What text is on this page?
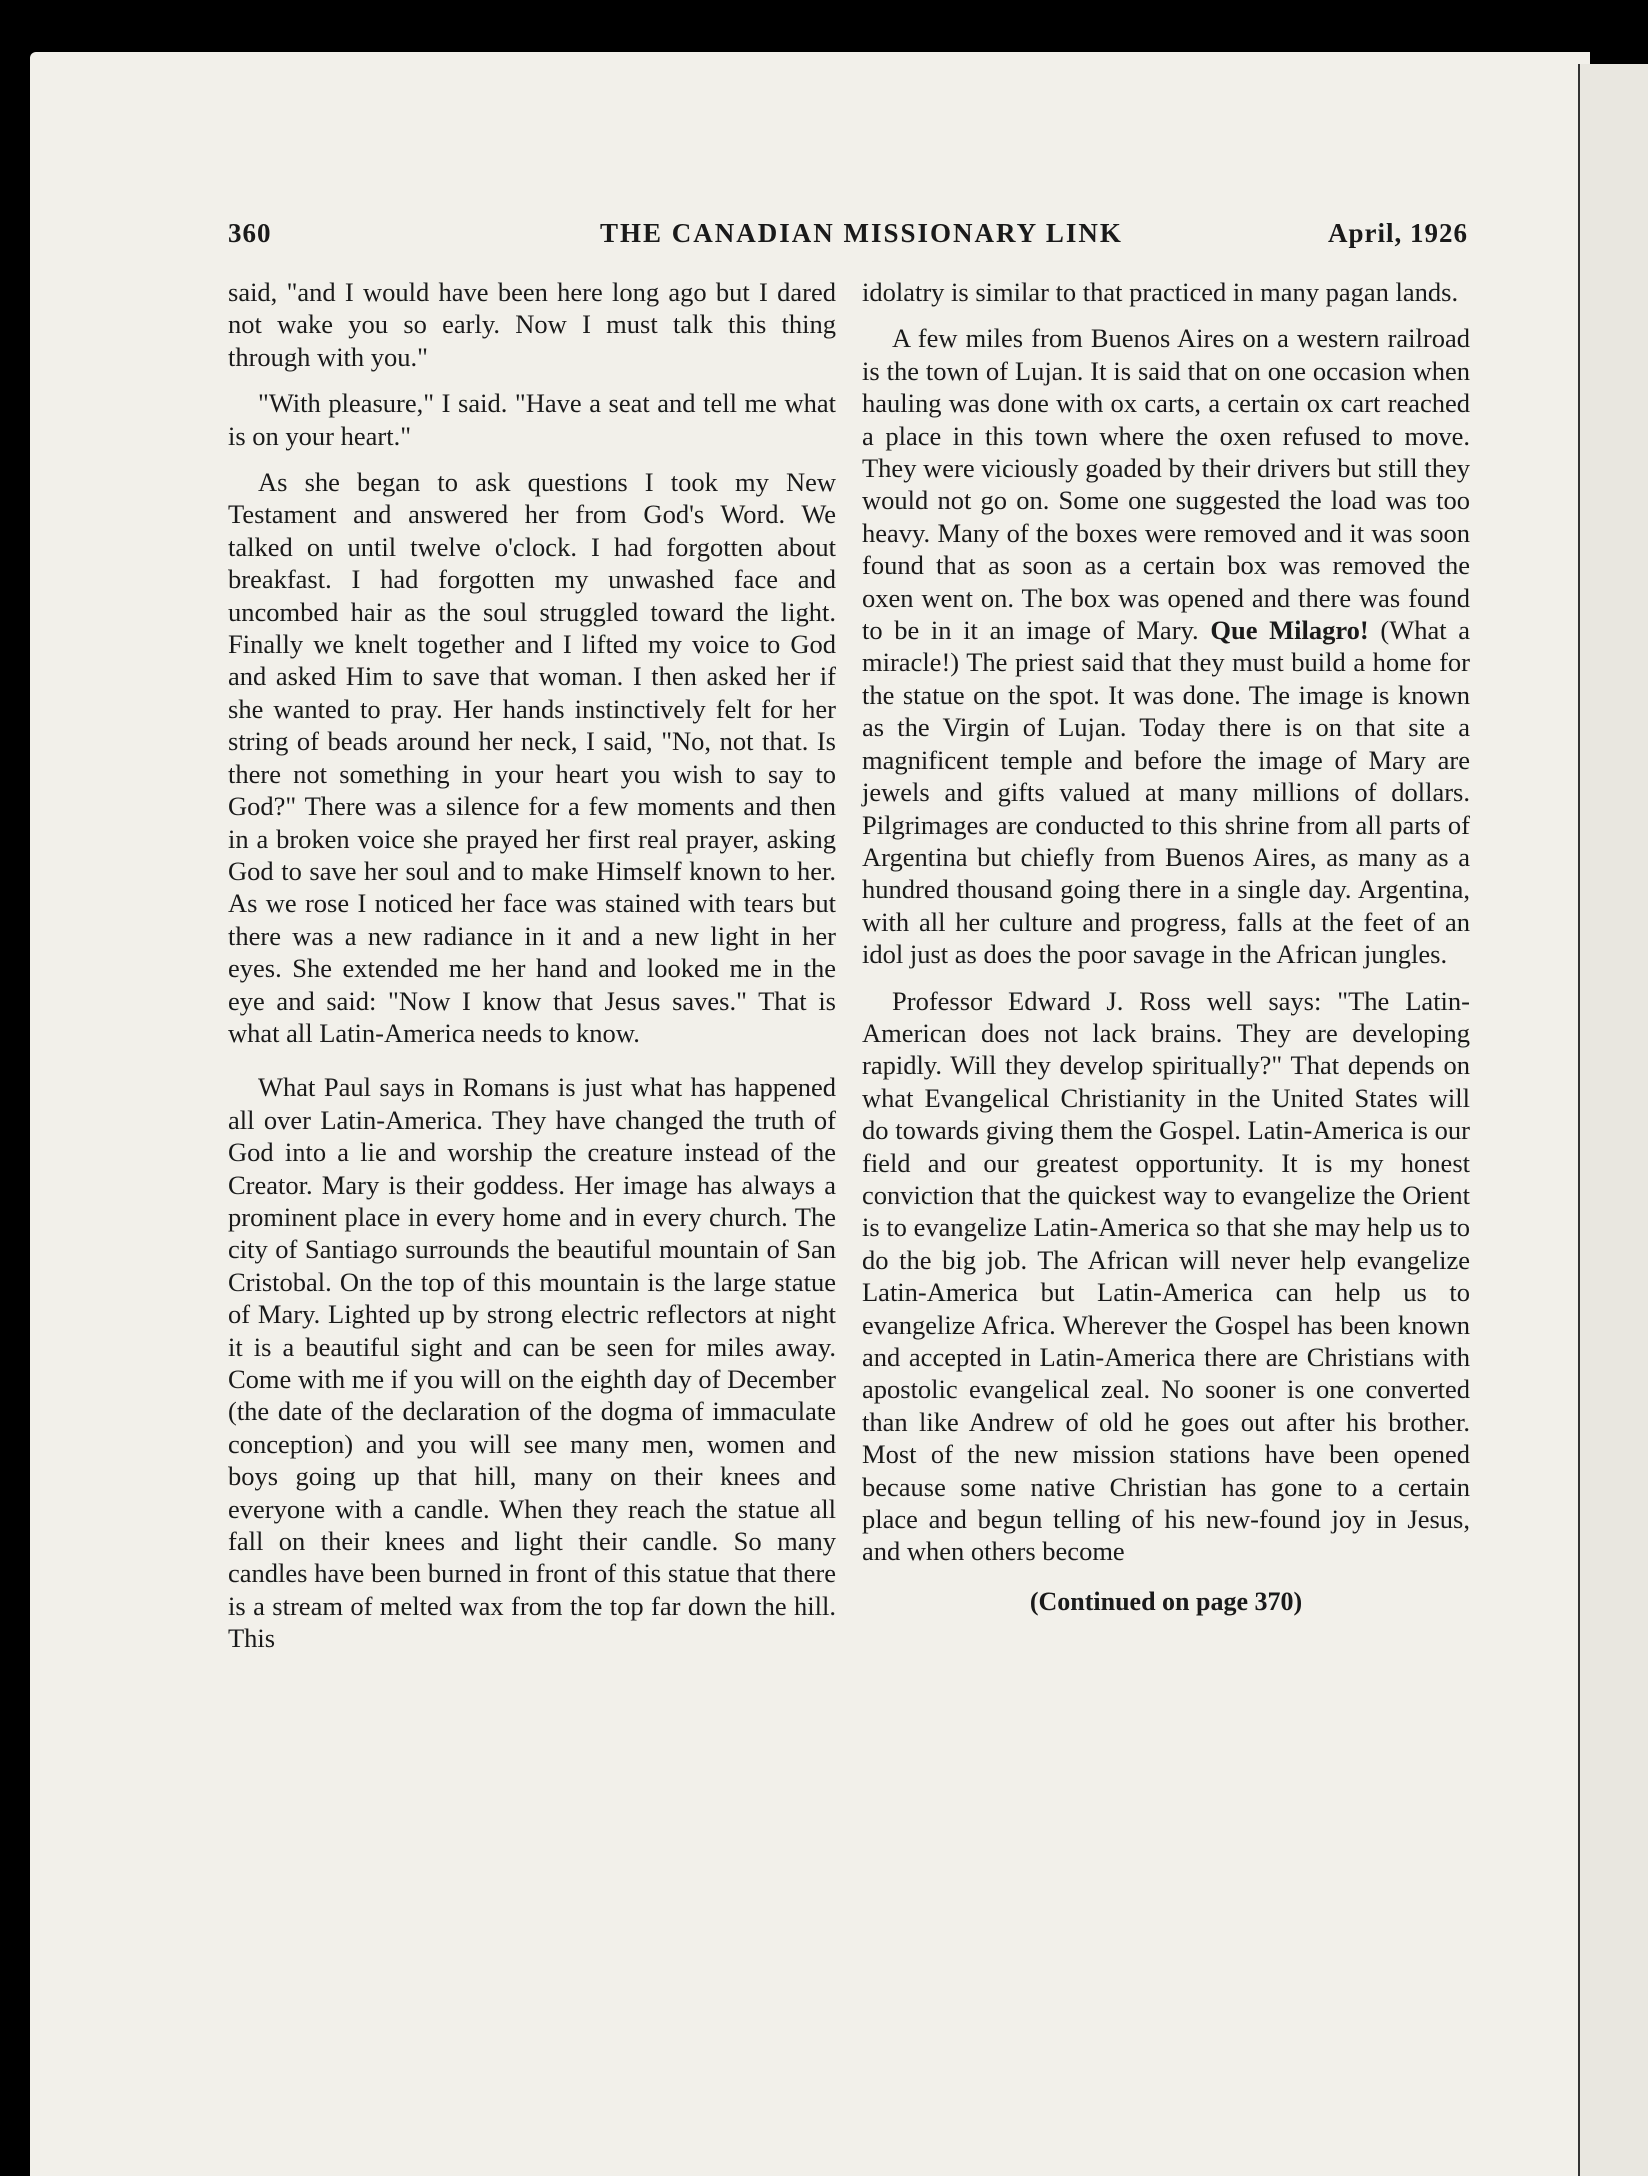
360	THE CANADIAN MISSIONARY LINK	April, 1926

said, "and I would have been here long ago but I dared not wake you so early. Now I must talk this thing through with you."

"With pleasure," I said. "Have a seat and tell me what is on your heart."

As she began to ask questions I took my New Testament and answered her from God's Word. We talked on until twelve o'clock. I had forgotten about breakfast. I had forgotten my unwashed face and uncombed hair as the soul struggled toward the light. Finally we knelt together and I lifted my voice to God and asked Him to save that woman. I then asked her if she wanted to pray. Her hands instinctively felt for her string of beads around her neck, I said, "No, not that. Is there not something in your heart you wish to say to God?" There was a silence for a few moments and then in a broken voice she prayed her first real prayer, asking God to save her soul and to make Himself known to her. As we rose I noticed her face was stained with tears but there was a new radiance in it and a new light in her eyes. She extended me her hand and looked me in the eye and said: "Now I know that Jesus saves." That is what all Latin-America needs to know.

What Paul says in Romans is just what has happened all over Latin-America. They have changed the truth of God into a lie and worship the creature instead of the Creator. Mary is their goddess. Her image has always a prominent place in every home and in every church. The city of Santiago surrounds the beautiful mountain of San Cristobal. On the top of this mountain is the large statue of Mary. Lighted up by strong electric reflectors at night it is a beautiful sight and can be seen for miles away. Come with me if you will on the eighth day of December (the date of the declaration of the dogma of immaculate conception) and you will see many men, women and boys going up that hill, many on their knees and everyone with a candle. When they reach the statue all fall on their knees and light their candle. So many candles have been burned in front of this statue that there is a stream of melted wax from the top far down the hill. This

idolatry is similar to that practiced in many pagan lands.

A few miles from Buenos Aires on a western railroad is the town of Lujan. It is said that on one occasion when hauling was done with ox carts, a certain ox cart reached a place in this town where the oxen refused to move. They were viciously goaded by their drivers but still they would not go on. Some one suggested the load was too heavy. Many of the boxes were removed and it was soon found that as soon as a certain box was removed the oxen went on. The box was opened and there was found to be in it an image of Mary. Que Milagro! (What a miracle!) The priest said that they must build a home for the statue on the spot. It was done. The image is known as the Virgin of Lujan. Today there is on that site a magnificent temple and before the image of Mary are jewels and gifts valued at many millions of dollars. Pilgrimages are conducted to this shrine from all parts of Argentina but chiefly from Buenos Aires, as many as a hundred thousand going there in a single day. Argentina, with all her culture and progress, falls at the feet of an idol just as does the poor savage in the African jungles.

Professor Edward J. Ross well says: "The Latin-American does not lack brains. They are developing rapidly. Will they develop spiritually?" That depends on what Evangelical Christianity in the United States will do towards giving them the Gospel. Latin-America is our field and our greatest opportunity. It is my honest conviction that the quickest way to evangelize the Orient is to evangelize Latin-America so that she may help us to do the big job. The African will never help evangelize Latin-America but Latin-America can help us to evangelize Africa. Wherever the Gospel has been known and accepted in Latin-America there are Christians with apostolic evangelical zeal. No sooner is one converted than like Andrew of old he goes out after his brother. Most of the new mission stations have been opened because some native Christian has gone to a certain place and begun telling of his new-found joy in Jesus, and when others become

(Continued on page 370)
